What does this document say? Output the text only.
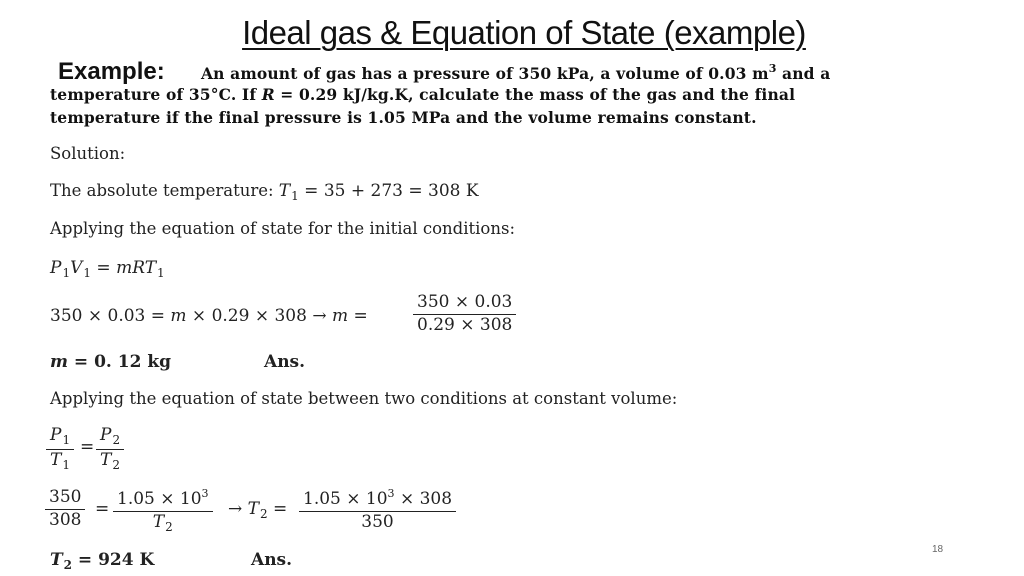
Ideal gas & Equation of State (example)
Example: An amount of gas has a pressure of 350 kPa, a volume of 0.03 $m^3$ and a
temperature of 35°C. If R = 0.29 kJ/kg.K, calculate the mass of the gas and the final
temperature if the final pressure is 1.05 MPa and the volume remains constant.
Solution:
The absolute temperature: $T_1 = 35 + 273 = 308$ K
Applying the equation of state for the initial conditions:
$P_1V_1 = mRT_1$
350 × 0.03 = m × 0.29 × 308 → m =	$\frac{350 \times 0.03}{0.29 \times 308}$
m = 0. 12 kg	Ans.
Applying the equation of state between two conditions at constant volume:
$\frac{P_1}{T_1} = \frac{P_2}{T_2}$
$\frac{350}{308} = \frac{1.05 \times 10^3}{T_2} \to T_2 = \frac{1.05 \times 10^3 \times 308}{350}$
$T_2 = 924$ K	Ans.
18
